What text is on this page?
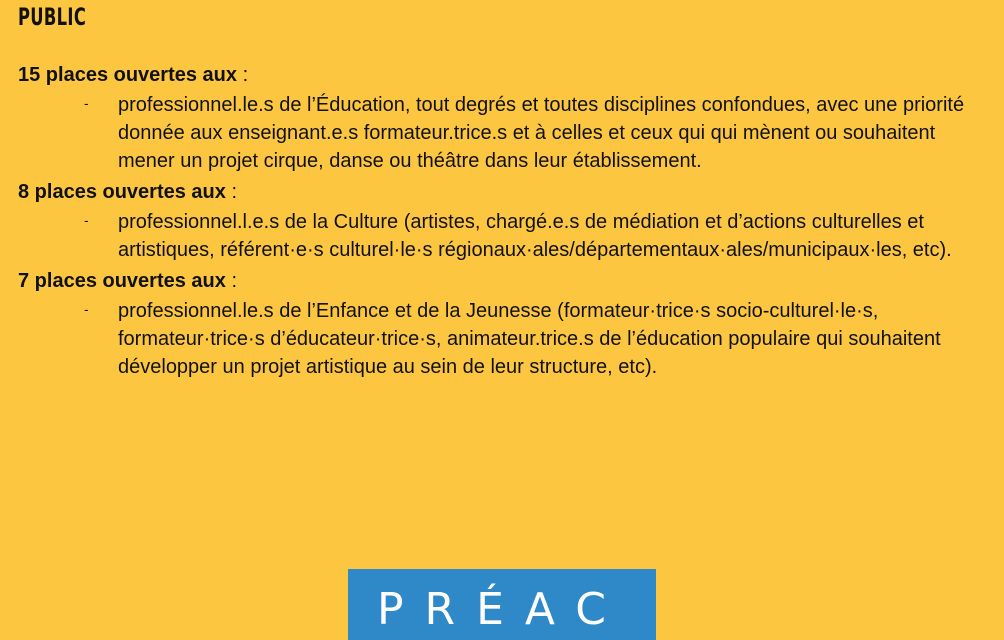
PUBLIC

15 places ouvertes aux :

- professionnel.le.s de l’Éducation, tout degrés et toutes disciplines confondues, avec une priorité donnée aux enseignant.e.s formateur.trice.s et à celles et ceux qui qui mènent ou souhaitent mener un projet cirque, danse ou théâtre dans leur établissement.

8 places ouvertes aux :

- professionnel.l.e.s de la Culture (artistes, chargé.e.s de médiation et d’actions culturelles et artistiques, référent·e·s culturel·le·s régionaux·ales/départementaux·ales/municipaux·les, etc).

7 places ouvertes aux :

- professionnel.le.s de l’Enfance et de la Jeunesse (formateur·trice·s socio-culturel·le·s, formateur·trice·s d’éducateur·trice·s, animateur.trice.s de l’éducation populaire qui souhaitent développer un projet artistique au sein de leur structure, etc).
PRÉAC
